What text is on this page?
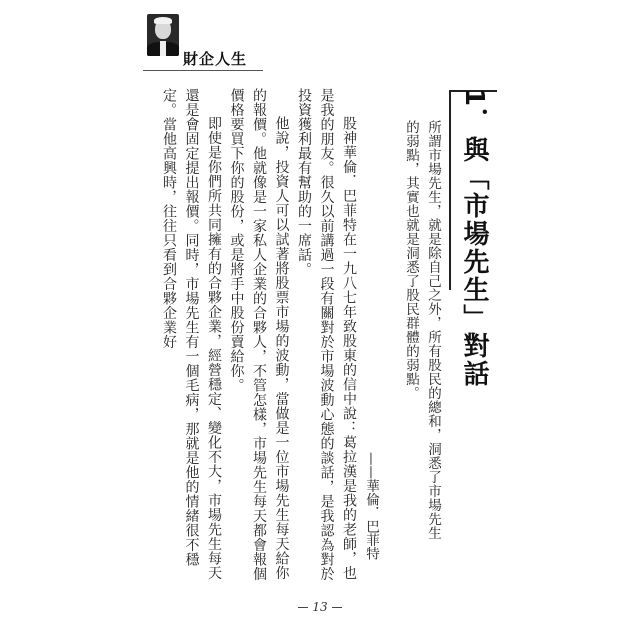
財企人生
1．與「市場先生」對話
所謂市場先生，就是除自己之外，所有股民的總和，洞悉了市場先生的弱點，其實也就是洞悉了股民群體的弱點。
——華倫．巴菲特
股神華倫．巴菲特在一九八七年致股東的信中說：葛拉漢是我的老師，也是我的朋友。很久以前講過一段有關對於市場波動心態的談話，是我認為對於投資獲利最有幫助的一席話。
他說，投資人可以試著將股票市場的波動，當做是一位市場先生每天給你的報價。他就像是一家私人企業的合夥人，不管怎樣，市場先生每天都會報個價格要買下你的股份，或是將手中股份賣給你。
即使是你們所共同擁有的合夥企業，經營穩定、變化不大，市場先生每天還是會固定提出報價。同時，市場先生有一個毛病，那就是他的情緒很不穩定。當他高興時，往往只看到合夥企業好
13
